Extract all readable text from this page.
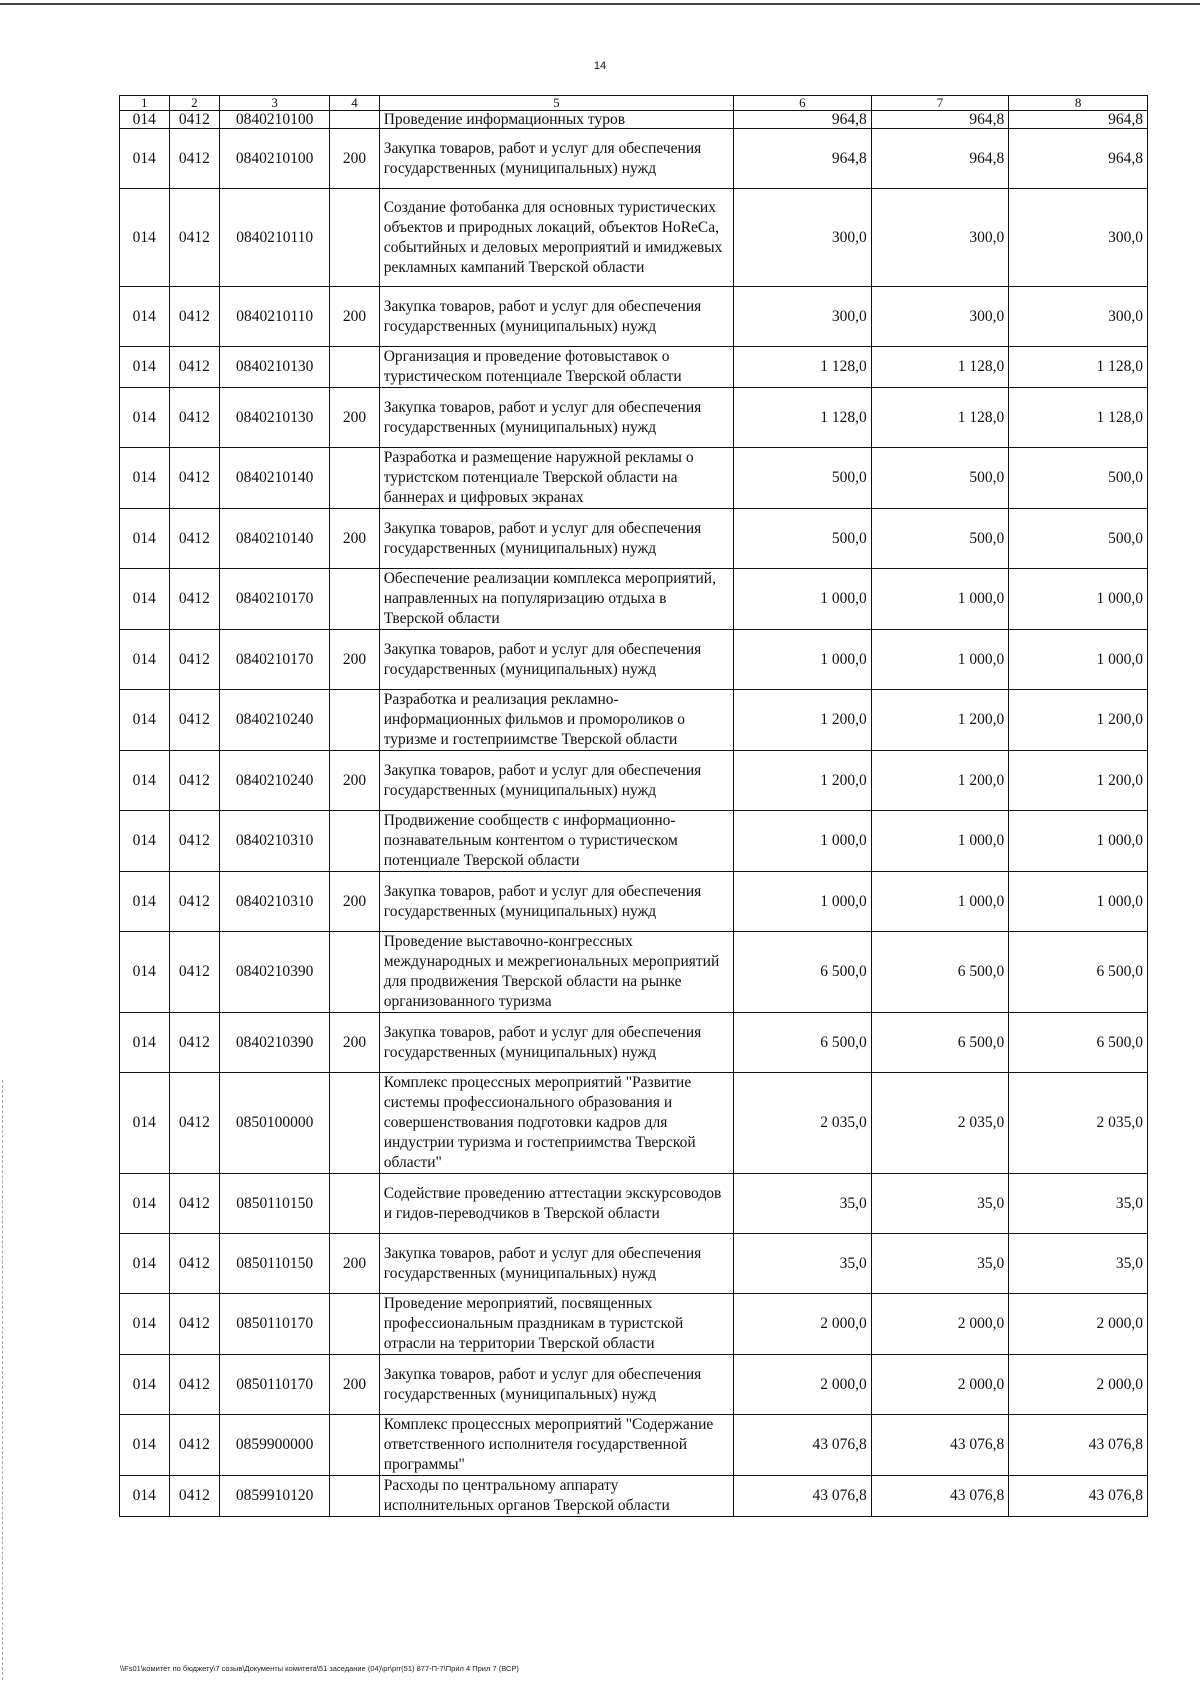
14
1	2	3	4	5	6	7	8
014	0412	0840210100		Проведение информационных туров	964,8	964,8	964,8
014	0412	0840210100	200	Закупка товаров, работ и услуг для обеспечения государственных (муниципальных) нужд	964,8	964,8	964,8
014	0412	0840210110		Создание фотобанка для основных туристических объектов и природных локаций, объектов HoReCa, событийных и деловых мероприятий и имиджевых рекламных кампаний Тверской области	300,0	300,0	300,0
014	0412	0840210110	200	Закупка товаров, работ и услуг для обеспечения государственных (муниципальных) нужд	300,0	300,0	300,0
014	0412	0840210130		Организация и проведение фотовыставок о туристическом потенциале Тверской области	1 128,0	1 128,0	1 128,0
014	0412	0840210130	200	Закупка товаров, работ и услуг для обеспечения государственных (муниципальных) нужд	1 128,0	1 128,0	1 128,0
014	0412	0840210140		Разработка и размещение наружной рекламы о туристском потенциале Тверской области на баннерах и цифровых экранах	500,0	500,0	500,0
014	0412	0840210140	200	Закупка товаров, работ и услуг для обеспечения государственных (муниципальных) нужд	500,0	500,0	500,0
014	0412	0840210170		Обеспечение реализации комплекса мероприятий, направленных на популяризацию отдыха в Тверской области	1 000,0	1 000,0	1 000,0
014	0412	0840210170	200	Закупка товаров, работ и услуг для обеспечения государственных (муниципальных) нужд	1 000,0	1 000,0	1 000,0
014	0412	0840210240		Разработка и реализация рекламно-информационных фильмов и промороликов о туризме и гостеприимстве Тверской области	1 200,0	1 200,0	1 200,0
014	0412	0840210240	200	Закупка товаров, работ и услуг для обеспечения государственных (муниципальных) нужд	1 200,0	1 200,0	1 200,0
014	0412	0840210310		Продвижение сообществ с информационно-познавательным контентом о туристическом потенциале Тверской области	1 000,0	1 000,0	1 000,0
014	0412	0840210310	200	Закупка товаров, работ и услуг для обеспечения государственных (муниципальных) нужд	1 000,0	1 000,0	1 000,0
014	0412	0840210390		Проведение выставочно-конгрессных международных и межрегиональных мероприятий для продвижения Тверской области на рынке организованного туризма	6 500,0	6 500,0	6 500,0
014	0412	0840210390	200	Закупка товаров, работ и услуг для обеспечения государственных (муниципальных) нужд	6 500,0	6 500,0	6 500,0
014	0412	0850100000		Комплекс процессных мероприятий "Развитие системы профессионального образования и совершенствования подготовки кадров для индустрии туризма и гостеприимства Тверской области"	2 035,0	2 035,0	2 035,0
014	0412	0850110150		Содействие проведению аттестации экскурсоводов и гидов-переводчиков в Тверской области	35,0	35,0	35,0
014	0412	0850110150	200	Закупка товаров, работ и услуг для обеспечения государственных (муниципальных) нужд	35,0	35,0	35,0
014	0412	0850110170		Проведение мероприятий, посвященных профессиональным праздникам в туристской отрасли на территории Тверской области	2 000,0	2 000,0	2 000,0
014	0412	0850110170	200	Закупка товаров, работ и услуг для обеспечения государственных (муниципальных) нужд	2 000,0	2 000,0	2 000,0
014	0412	0859900000		Комплекс процессных мероприятий "Содержание ответственного исполнителя государственной программы"	43 076,8	43 076,8	43 076,8
014	0412	0859910120		Расходы по центральному аппарату исполнительных органов Тверской области	43 076,8	43 076,8	43 076,8
\\Fs01\комитет по бюджету\7 созыв\Документы комитета\51 заседание (04)\pr\prr(51) 877-П-7\Прил 4 Прил 7 (ВСР)
